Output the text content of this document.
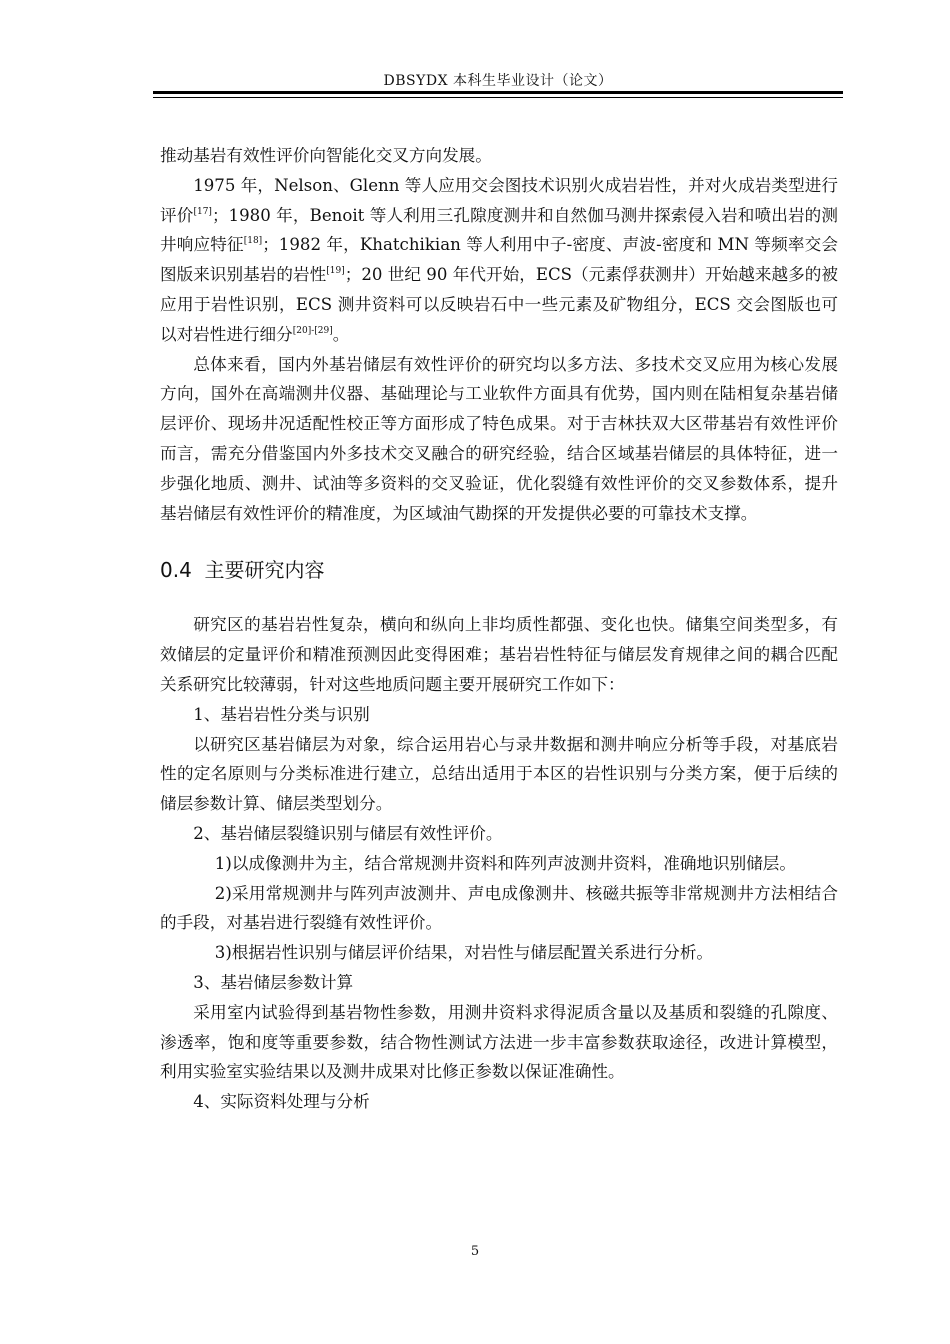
DBSYDX 本科生毕业设计（论文）

推动基岩有效性评价向智能化交叉方向发展。

1975 年，Nelson、Glenn 等人应用交会图技术识别火成岩岩性，并对火成岩类型进行评价[17]；1980 年，Benoit 等人利用三孔隙度测井和自然伽马测井探索侵入岩和喷出岩的测井响应特征[18]；1982 年，Khatchikian 等人利用中子-密度、声波-密度和 MN 等频率交会图版来识别基岩的岩性[19]；20 世纪 90 年代开始，ECS（元素俘获测井）开始越来越多的被应用于岩性识别，ECS 测井资料可以反映岩石中一些元素及矿物组分，ECS 交会图版也可以对岩性进行细分[20]-[29]。

总体来看，国内外基岩储层有效性评价的研究均以多方法、多技术交叉应用为核心发展方向，国外在高端测井仪器、基础理论与工业软件方面具有优势，国内则在陆相复杂基岩储层评价、现场井况适配性校正等方面形成了特色成果。对于吉林扶双大区带基岩有效性评价而言，需充分借鉴国内外多技术交叉融合的研究经验，结合区域基岩储层的具体特征，进一步强化地质、测井、试油等多资料的交叉验证，优化裂缝有效性评价的交叉参数体系，提升基岩储层有效性评价的精准度，为区域油气勘探的开发提供必要的可靠技术支撑。

0.4 主要研究内容

研究区的基岩岩性复杂，横向和纵向上非均质性都强、变化也快。储集空间类型多，有效储层的定量评价和精准预测因此变得困难；基岩岩性特征与储层发育规律之间的耦合匹配关系研究比较薄弱，针对这些地质问题主要开展研究工作如下：

1、基岩岩性分类与识别

以研究区基岩储层为对象，综合运用岩心与录井数据和测井响应分析等手段，对基底岩性的定名原则与分类标准进行建立，总结出适用于本区的岩性识别与分类方案，便于后续的储层参数计算、储层类型划分。

2、基岩储层裂缝识别与储层有效性评价。

1)以成像测井为主，结合常规测井资料和阵列声波测井资料，准确地识别储层。

2)采用常规测井与阵列声波测井、声电成像测井、核磁共振等非常规测井方法相结合的手段，对基岩进行裂缝有效性评价。

3)根据岩性识别与储层评价结果，对岩性与储层配置关系进行分析。

3、基岩储层参数计算

采用室内试验得到基岩物性参数，用测井资料求得泥质含量以及基质和裂缝的孔隙度、渗透率，饱和度等重要参数，结合物性测试方法进一步丰富参数获取途径，改进计算模型，利用实验室实验结果以及测井成果对比修正参数以保证准确性。

4、实际资料处理与分析

5
